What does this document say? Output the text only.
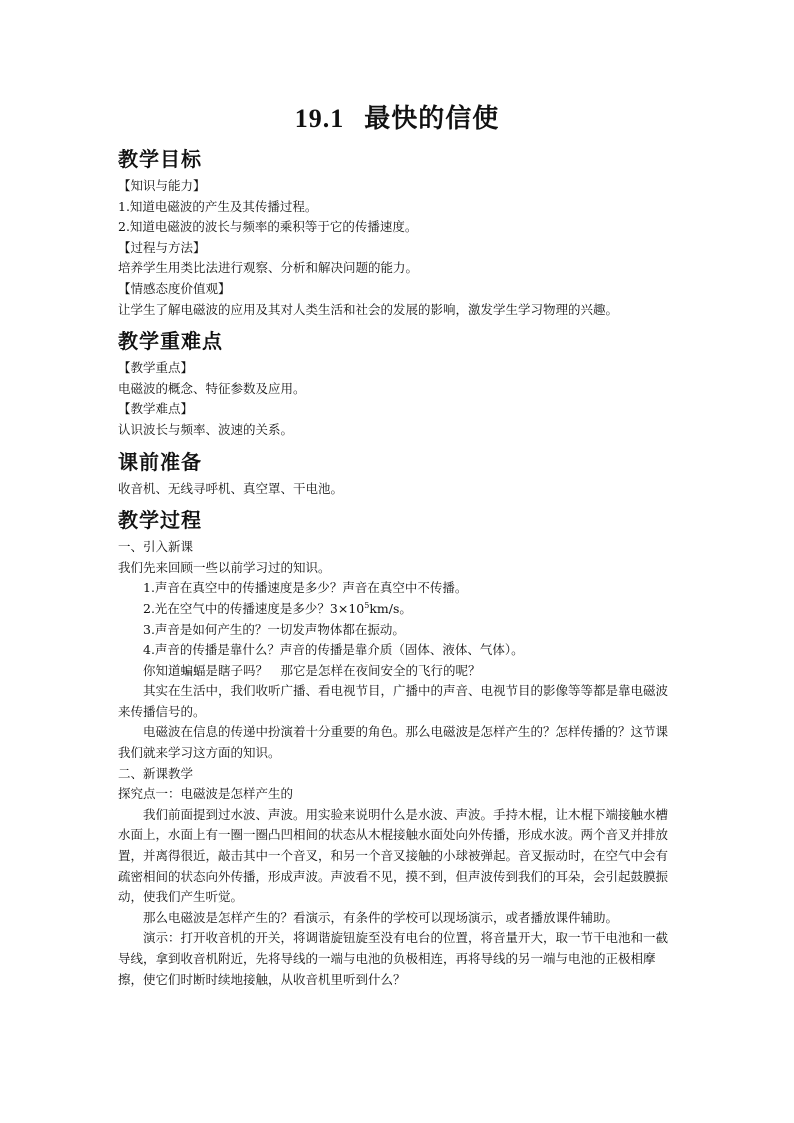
19.1 最快的信使
教学目标
【知识与能力】
1.知道电磁波的产生及其传播过程。
2.知道电磁波的波长与频率的乘积等于它的传播速度。
【过程与方法】
培养学生用类比法进行观察、分析和解决问题的能力。
【情感态度价值观】
让学生了解电磁波的应用及其对人类生活和社会的发展的影响，激发学生学习物理的兴趣。
教学重难点
【教学重点】
电磁波的概念、特征参数及应用。
【教学难点】
认识波长与频率、波速的关系。
课前准备
收音机、无线寻呼机、真空罩、干电池。
教学过程
一、引入新课
我们先来回顾一些以前学习过的知识。
1.声音在真空中的传播速度是多少？声音在真空中不传播。
2.光在空气中的传播速度是多少？$3\times 10^5km/s$。
3.声音是如何产生的？一切发声物体都在振动。
4.声音的传播是靠什么？声音的传播是靠介质（固体、液体、气体）。
你知道蝙蝠是瞎子吗？　那它是怎样在夜间安全的飞行的呢？
其实在生活中，我们收听广播、看电视节目，广播中的声音、电视节目的影像等等都是靠电磁波来传播信号的。
电磁波在信息的传递中扮演着十分重要的角色。那么电磁波是怎样产生的？怎样传播的？这节课我们就来学习这方面的知识。
二、新课教学
探究点一：电磁波是怎样产生的
我们前面提到过水波、声波。用实验来说明什么是水波、声波。手持木棍，让木棍下端接触水槽水面上，水面上有一圈一圈凸凹相间的状态从木棍接触水面处向外传播，形成水波。两个音叉并排放置，并离得很近，敲击其中一个音叉，和另一个音叉接触的小球被弹起。音叉振动时，在空气中会有疏密相间的状态向外传播，形成声波。声波看不见，摸不到，但声波传到我们的耳朵，会引起鼓膜振动，使我们产生听觉。
那么电磁波是怎样产生的？看演示，有条件的学校可以现场演示，或者播放课件辅助。
演示：打开收音机的开关，将调谐旋钮旋至没有电台的位置，将音量开大，取一节干电池和一截导线，拿到收音机附近，先将导线的一端与电池的负极相连，再将导线的另一端与电池的正极相摩擦，使它们时断时续地接触，从收音机里听到什么？
